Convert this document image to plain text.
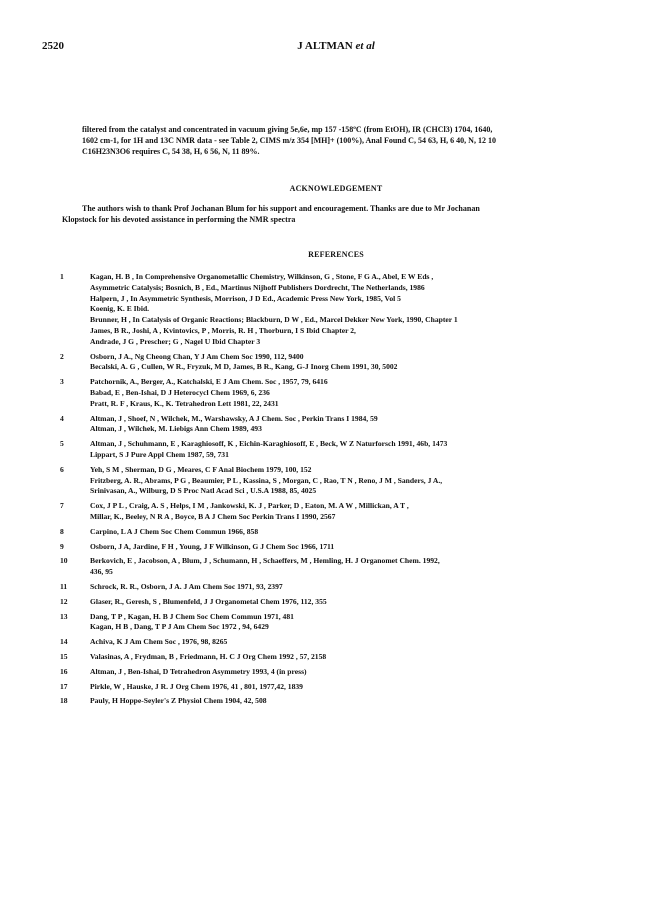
2520	J ALTMAN et al
filtered from the catalyst and concentrated in vacuum giving 5e,6e, mp 157 -158ºC (from EtOH), IR (CHCl3) 1704, 1640,
1602 cm-1, for 1H and 13C NMR data - see Table 2, CIMS m/z 354 [MH]+ (100%), Anal Found C, 54 63, H, 6 40, N, 12 10
C16H23N3O6 requires C, 54 38, H, 6 56, N, 11 89%.
ACKNOWLEDGEMENT
The authors wish to thank Prof Jochanan Blum for his support and encouragement. Thanks are due to Mr Jochanan
Klopstock for his devoted assistance in performing the NMR spectra
REFERENCES
1	Kagan, H. B , In Comprehensive Organometallic Chemistry, Wilkinson, G , Stone, F G A., Abel, E W Eds ,
Asymmetric Catalysis; Bosnich, B , Ed., Martinus Nijhoff Publishers Dordrecht, The Netherlands, 1986
Halpern, J , In Asymmetric Synthesis, Morrison, J D Ed., Academic Press New York, 1985, Vol 5
Koenig, K. E Ibid.
Brunner, H , In Catalysis of Organic Reactions; Blackburn, D W , Ed., Marcel Dekker New York, 1990, Chapter 1
James, B R., Joshi, A , Kvintovics, P , Morris, R. H , Thorburn, I S Ibid Chapter 2,
Andrade, J G , Prescher; G , Nagel U Ibid Chapter 3
2	Osborn, J A., Ng Cheong Chan, Y J Am Chem Soc 1990, 112, 9400
Becalski, A. G , Cullen, W R., Fryzuk, M D, James, B R., Kang, G-J Inorg Chem 1991, 30, 5002
3	Patchornik, A., Berger, A., Katchalski, E J Am Chem. Soc , 1957, 79, 6416
Babad, E , Ben-Ishai, D J Heterocycl Chem 1969, 6, 236
Pratt, R. F , Kraus, K., K. Tetrahedron Lett 1981, 22, 2431
4	Altman, J , Shoef, N , Wilchek, M., Warshawsky, A J Chem. Soc , Perkin Trans I 1984, 59
Altman, J , Wilchek, M. Liebigs Ann Chem 1989, 493
5	Altman, J , Schuhmann, E , Karaghiosoff, K , Eichin-Karaghiosoff, E , Beck, W Z Naturforsch 1991, 46b, 1473
Lippart, S J Pure Appl Chem 1987, 59, 731
6	Yeh, S M , Sherman, D G , Meares, C F Anal Biochem 1979, 100, 152
Fritzberg, A. R., Abrams, P G , Beaumier, P L , Kassina, S , Morgan, C , Rao, T N , Reno, J M , Sanders, J A.,
Srinivasan, A., Wilburg, D S Proc Natl Acad Sci , U.S.A 1988, 85, 4025
7	Cox, J P L , Craig, A. S , Helps, I M , Jankowski, K. J , Parker, D , Eaton, M. A W , Millickan, A T ,
Millar, K., Beeley, N R A , Boyce, B A J Chem Soc Perkin Trans I 1990, 2567
8	Carpino, L A J Chem Soc Chem Commun 1966, 858
9	Osborn, J A, Jardine, F H , Young, J F Wilkinson, G J Chem Soc 1966, 1711
10	Berkovich, E , Jacobson, A , Blum, J , Schumann, H , Schaeffers, M , Hemling, H. J Organomet Chem. 1992,
436, 95
11	Schrock, R. R., Osborn, J A. J Am Chem Soc 1971, 93, 2397
12	Glaser, R., Geresh, S , Blumenfeld, J J Organometal Chem 1976, 112, 355
13	Dang, T P , Kagan, H. B J Chem Soc Chem Commun 1971, 481
Kagan, H B , Dang, T P J Am Chem Soc 1972 , 94, 6429
14	Achiva, K J Am Chem Soc , 1976, 98, 8265
15	Valasinas, A , Frydman, B , Friedmann, H. C J Org Chem 1992 , 57, 2158
16	Altman, J , Ben-Ishai, D Tetrahedron Asymmetry 1993, 4 (in press)
17	Pirkle, W , Hauske, J R. J Org Chem 1976, 41 , 801, 1977,42, 1839
18	Pauly, H Hoppe-Seyler's Z Physiol Chem 1904, 42, 508
